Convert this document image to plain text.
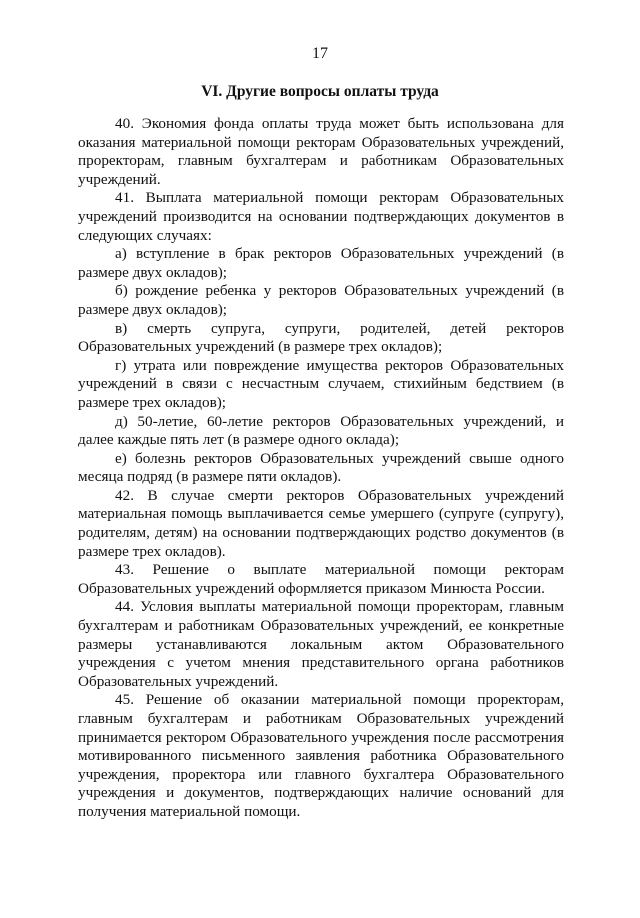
17
VI. Другие вопросы оплаты труда

40. Экономия фонда оплаты труда может быть использована для оказания материальной помощи ректорам Образовательных учреждений, проректорам, главным бухгалтерам и работникам Образовательных учреждений.

41. Выплата материальной помощи ректорам Образовательных учреждений производится на основании подтверждающих документов в следующих случаях:

а) вступление в брак ректоров Образовательных учреждений (в размере двух окладов);

б) рождение ребенка у ректоров Образовательных учреждений (в размере двух окладов);

в) смерть супруга, супруги, родителей, детей ректоров Образовательных учреждений (в размере трех окладов);

г) утрата или повреждение имущества ректоров Образовательных учреждений в связи с несчастным случаем, стихийным бедствием (в размере трех окладов);

д) 50-летие, 60-летие ректоров Образовательных учреждений, и далее каждые пять лет (в размере одного оклада);

е) болезнь ректоров Образовательных учреждений свыше одного месяца подряд (в размере пяти окладов).

42. В случае смерти ректоров Образовательных учреждений материальная помощь выплачивается семье умершего (супруге (супругу), родителям, детям) на основании подтверждающих родство документов (в размере трех окладов).

43. Решение о выплате материальной помощи ректорам Образовательных учреждений оформляется приказом Минюста России.

44. Условия выплаты материальной помощи проректорам, главным бухгалтерам и работникам Образовательных учреждений, ее конкретные размеры устанавливаются локальным актом Образовательного учреждения с учетом мнения представительного органа работников Образовательных учреждений.

45. Решение об оказании материальной помощи проректорам, главным бухгалтерам и работникам Образовательных учреждений принимается ректором Образовательного учреждения после рассмотрения мотивированного письменного заявления работника Образовательного учреждения, проректора или главного бухгалтера Образовательного учреждения и документов, подтверждающих наличие оснований для получения материальной помощи.
